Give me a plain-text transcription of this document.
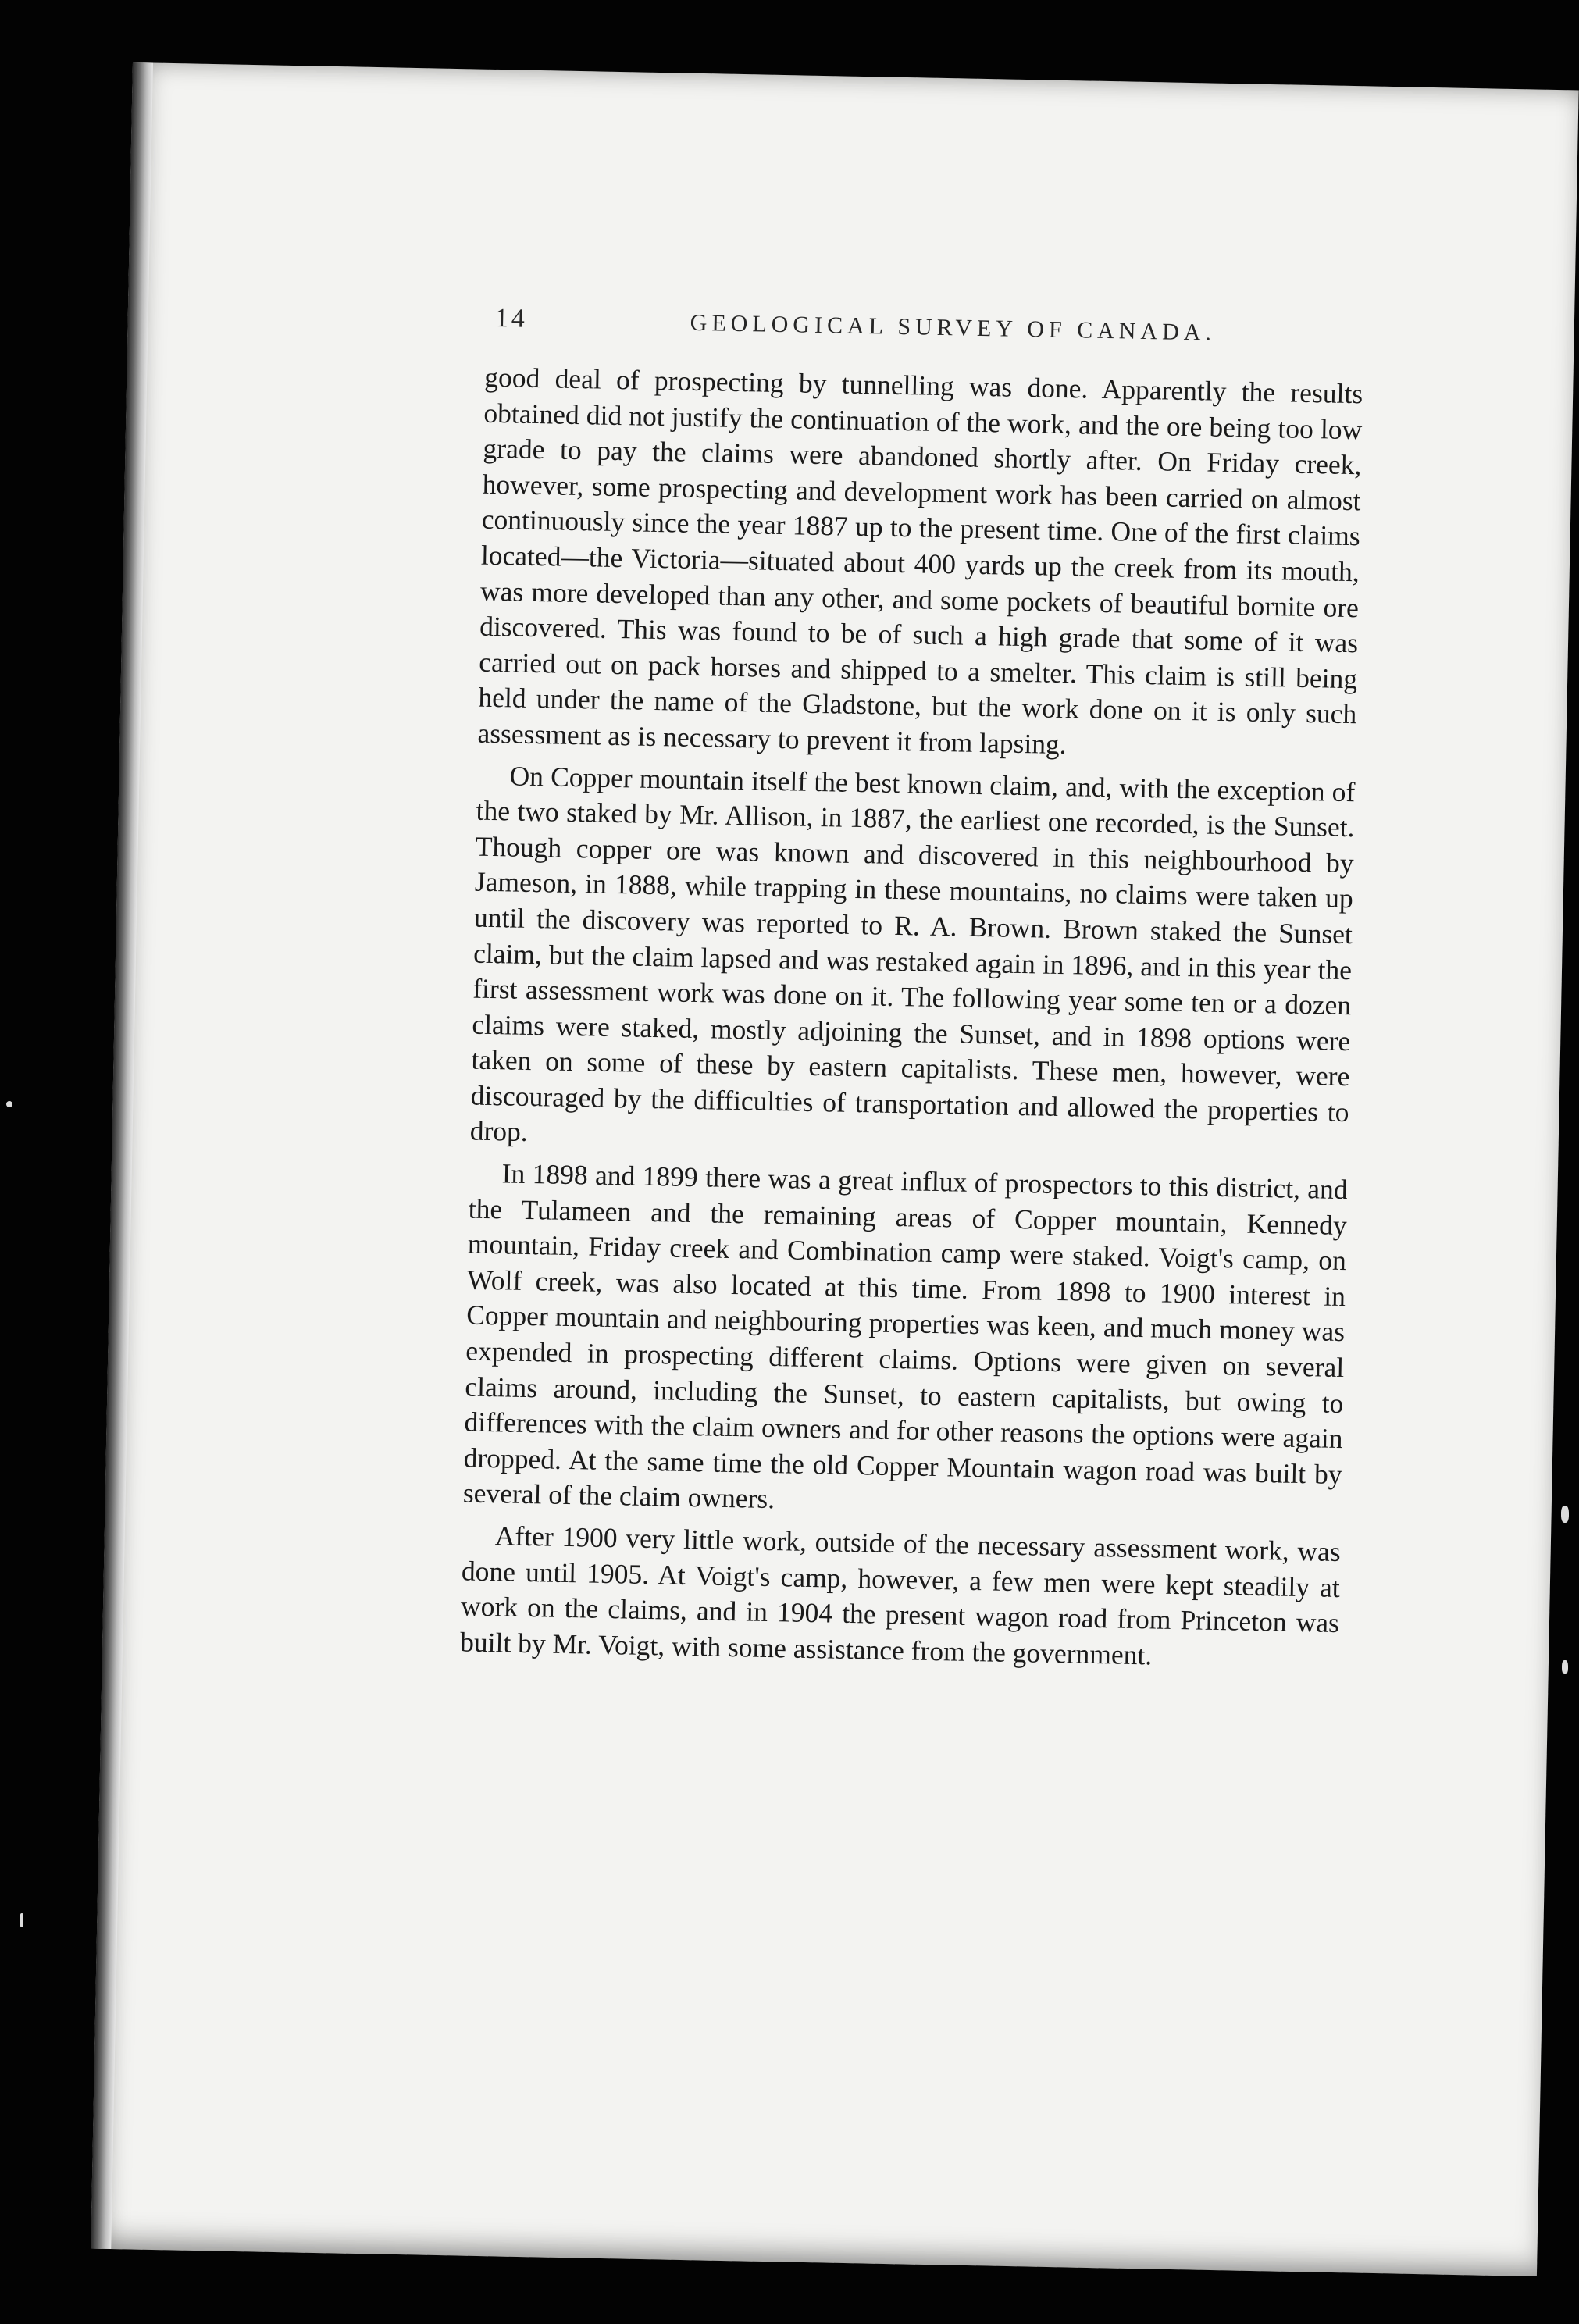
14	GEOLOGICAL SURVEY OF CANADA.

good deal of prospecting by tunnelling was done. Apparently the results obtained did not justify the continuation of the work, and the ore being too low grade to pay the claims were abandoned shortly after. On Friday creek, however, some prospecting and development work has been carried on almost continuously since the year 1887 up to the present time. One of the first claims located—the Victoria—situated about 400 yards up the creek from its mouth, was more developed than any other, and some pockets of beautiful bornite ore discovered. This was found to be of such a high grade that some of it was carried out on pack horses and shipped to a smelter. This claim is still being held under the name of the Gladstone, but the work done on it is only such assessment as is necessary to prevent it from lapsing.

On Copper mountain itself the best known claim, and, with the exception of the two staked by Mr. Allison, in 1887, the earliest one recorded, is the Sunset. Though copper ore was known and discovered in this neighbourhood by Jameson, in 1888, while trapping in these mountains, no claims were taken up until the discovery was reported to R. A. Brown. Brown staked the Sunset claim, but the claim lapsed and was restaked again in 1896, and in this year the first assessment work was done on it. The following year some ten or a dozen claims were staked, mostly adjoining the Sunset, and in 1898 options were taken on some of these by eastern capitalists. These men, however, were discouraged by the difficulties of transportation and allowed the properties to drop.

In 1898 and 1899 there was a great influx of prospectors to this district, and the Tulameen and the remaining areas of Copper mountain, Kennedy mountain, Friday creek and Combination camp were staked. Voigt's camp, on Wolf creek, was also located at this time. From 1898 to 1900 interest in Copper mountain and neighbouring properties was keen, and much money was expended in prospecting different claims. Options were given on several claims around, including the Sunset, to eastern capitalists, but owing to differences with the claim owners and for other reasons the options were again dropped. At the same time the old Copper Mountain wagon road was built by several of the claim owners.

After 1900 very little work, outside of the necessary assessment work, was done until 1905. At Voigt's camp, however, a few men were kept steadily at work on the claims, and in 1904 the present wagon road from Princeton was built by Mr. Voigt, with some assistance from the government.
